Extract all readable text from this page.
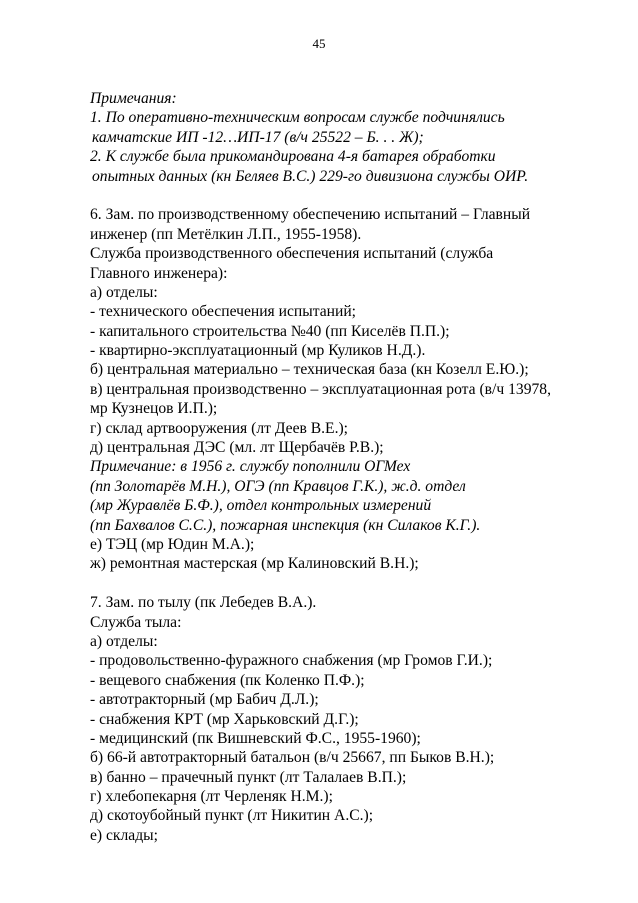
45
Примечания:
1. По оперативно-техническим вопросам службе подчинялись
камчатские ИП -12…ИП-17 (в/ч 25522 – Б. . . Ж);
2. К службе была прикомандирована 4-я батарея обработки
опытных данных (кн Беляев В.С.) 229-го дивизиона службы ОИР.
6. Зам. по производственному обеспечению испытаний – Главный
инженер (пп Метёлкин Л.П., 1955-1958).
Служба производственного обеспечения испытаний (служба
Главного инженера):
а) отделы:
- технического обеспечения испытаний;
- капитального строительства №40 (пп Киселёв П.П.);
- квартирно-эксплуатационный (мр Куликов Н.Д.).
б) центральная материально – техническая база (кн Козелл Е.Ю.);
в) центральная производственно – эксплуатационная рота (в/ч 13978,
мр Кузнецов И.П.);
г) склад артвооружения (лт Деев В.Е.);
д) центральная ДЭС (мл. лт Щербачёв Р.В.);
Примечание: в 1956 г. службу пополнили ОГМех
(пп Золотарёв М.Н.), ОГЭ (пп Кравцов Г.К.), ж.д. отдел
(мр Журавлёв Б.Ф.), отдел контрольных измерений
(пп Бахвалов С.С.), пожарная инспекция (кн Силаков К.Г.).
е) ТЭЦ (мр Юдин М.А.);
ж) ремонтная мастерская (мр Калиновский В.Н.);
7. Зам. по тылу (пк Лебедев В.А.).
Служба тыла:
а) отделы:
- продовольственно-фуражного снабжения (мр Громов Г.И.);
- вещевого снабжения (пк Коленко П.Ф.);
- автотракторный (мр Бабич Д.Л.);
- снабжения КРТ (мр Харьковский Д.Г.);
- медицинский (пк Вишневский Ф.С., 1955-1960);
б) 66-й автотракторный батальон (в/ч 25667, пп Быков В.Н.);
в) банно – прачечный пункт (лт Талалаев В.П.);
г) хлебопекарня (лт Черленяк Н.М.);
д) скотоубойный пункт (лт Никитин А.С.);
е) склады;
